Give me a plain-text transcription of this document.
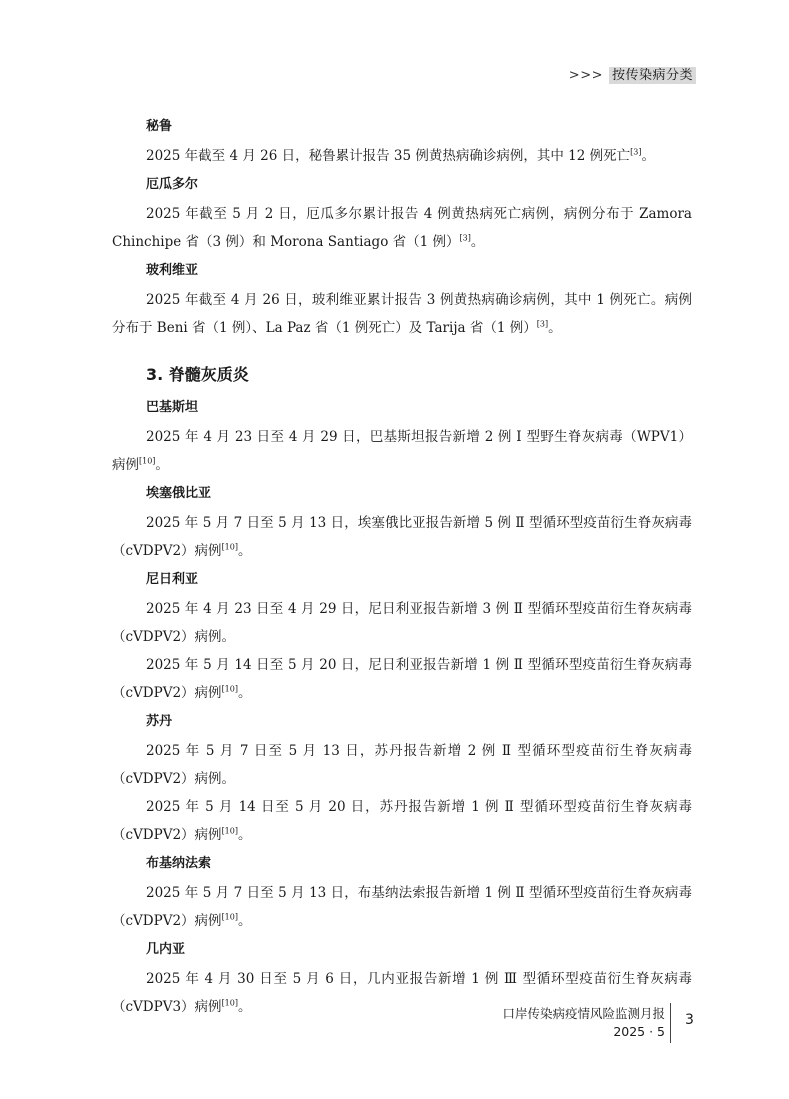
>>> 按传染病分类
秘鲁

2025 年截至 4 月 26 日，秘鲁累计报告 35 例黄热病确诊病例，其中 12 例死亡[3]。

厄瓜多尔

2025 年截至 5 月 2 日，厄瓜多尔累计报告 4 例黄热病死亡病例，病例分布于 Zamora Chinchipe 省（3 例）和 Morona Santiago 省（1 例）[3]。

玻利维亚

2025 年截至 4 月 26 日，玻利维亚累计报告 3 例黄热病确诊病例，其中 1 例死亡。病例分布于 Beni 省（1 例）、La Paz 省（1 例死亡）及 Tarija 省（1 例）[3]。

3. 脊髓灰质炎
巴基斯坦

2025 年 4 月 23 日至 4 月 29 日，巴基斯坦报告新增 2 例 Ⅰ 型野生脊灰病毒（WPV1）病例[10]。

埃塞俄比亚

2025 年 5 月 7 日至 5 月 13 日，埃塞俄比亚报告新增 5 例 Ⅱ 型循环型疫苗衍生脊灰病毒（cVDPV2）病例[10]。

尼日利亚

2025 年 4 月 23 日至 4 月 29 日，尼日利亚报告新增 3 例 Ⅱ 型循环型疫苗衍生脊灰病毒（cVDPV2）病例。

2025 年 5 月 14 日至 5 月 20 日，尼日利亚报告新增 1 例 Ⅱ 型循环型疫苗衍生脊灰病毒（cVDPV2）病例[10]。

苏丹

2025 年 5 月 7 日至 5 月 13 日，苏丹报告新增 2 例 Ⅱ 型循环型疫苗衍生脊灰病毒（cVDPV2）病例。

2025 年 5 月 14 日至 5 月 20 日，苏丹报告新增 1 例 Ⅱ 型循环型疫苗衍生脊灰病毒（cVDPV2）病例[10]。

布基纳法索

2025 年 5 月 7 日至 5 月 13 日，布基纳法索报告新增 1 例 Ⅱ 型循环型疫苗衍生脊灰病毒（cVDPV2）病例[10]。

几内亚

2025 年 4 月 30 日至 5 月 6 日，几内亚报告新增 1 例 Ⅲ 型循环型疫苗衍生脊灰病毒（cVDPV3）病例[10]。	口岸传染病疫情风险监测月报
2025 · 5
3
